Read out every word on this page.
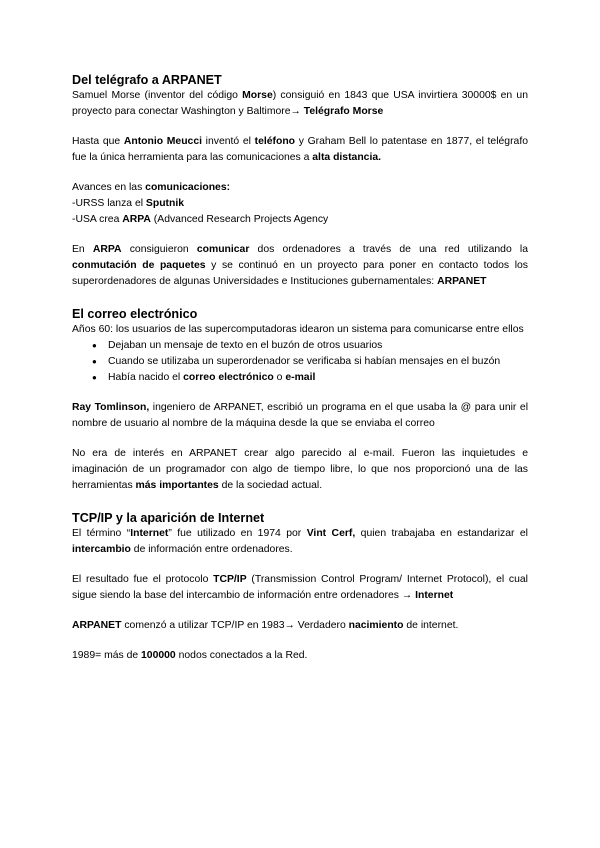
Del telégrafo a ARPANET

Samuel Morse (inventor del código Morse) consiguió en 1843 que USA invirtiera 30000$ en un proyecto para conectar Washington y Baltimore→ Telégrafo Morse

Hasta que Antonio Meucci inventó el teléfono y Graham Bell lo patentase en 1877, el telégrafo fue la única herramienta para las comunicaciones a alta distancia.

Avances en las comunicaciones:

-URSS lanza el Sputnik

-USA crea ARPA (Advanced Research Projects Agency

En ARPA consiguieron comunicar dos ordenadores a través de una red utilizando la conmutación de paquetes y se continuó en un proyecto para poner en contacto todos los superordenadores de algunas Universidades e Instituciones gubernamentales: ARPANET

El correo electrónico

Años 60: los usuarios de las supercomputadoras idearon un sistema para comunicarse entre ellos

● Dejaban un mensaje de texto en el buzón de otros usuarios
● Cuando se utilizaba un superordenador se verificaba si habían mensajes en el buzón
● Había nacido el correo electrónico o e-mail

Ray Tomlinson, ingeniero de ARPANET, escribió un programa en el que usaba la @ para unir el nombre de usuario al nombre de la máquina desde la que se enviaba el correo

No era de interés en ARPANET crear algo parecido al e-mail. Fueron las inquietudes e imaginación de un programador con algo de tiempo libre, lo que nos proporcionó una de las herramientas más importantes de la sociedad actual.

TCP/IP y la aparición de Internet

El término “Internet” fue utilizado en 1974 por Vint Cerf, quien trabajaba en estandarizar el intercambio de información entre ordenadores.

El resultado fue el protocolo TCP/IP (Transmission Control Program/ Internet Protocol), el cual sigue siendo la base del intercambio de información entre ordenadores → Internet

ARPANET comenzó a utilizar TCP/IP en 1983→ Verdadero nacimiento de internet.

1989= más de 100000 nodos conectados a la Red.
